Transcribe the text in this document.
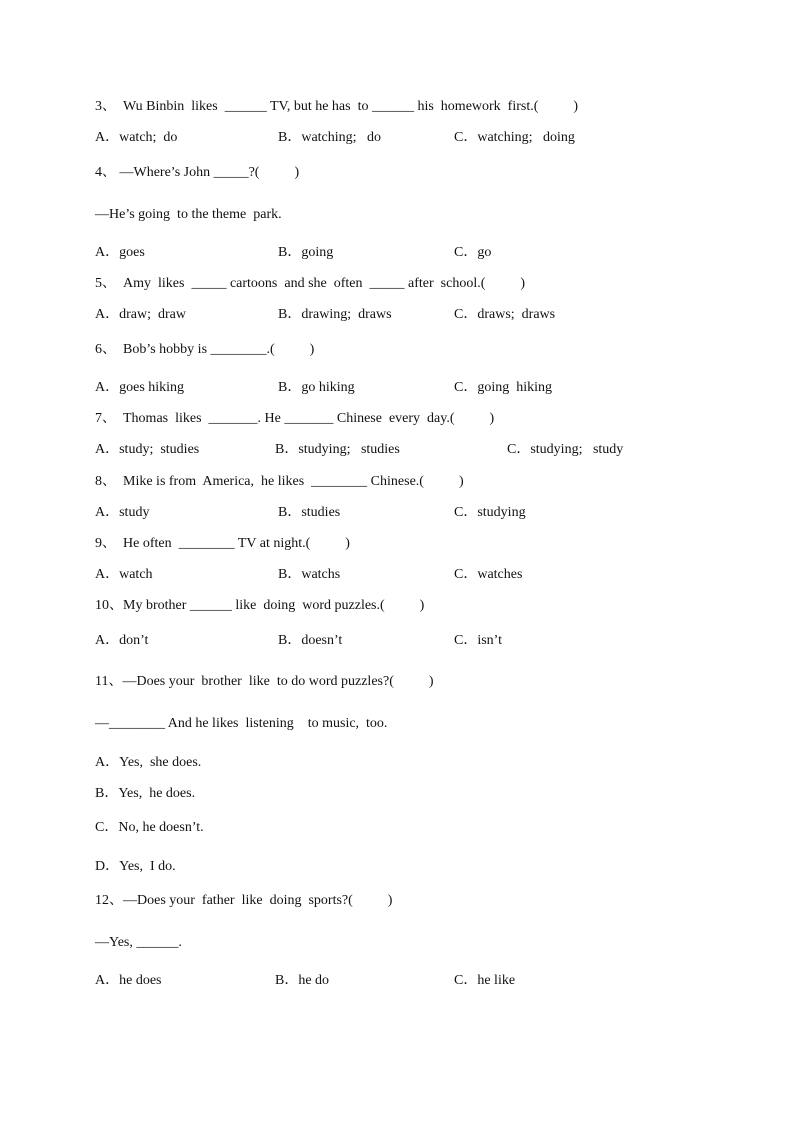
3、  Wu Binbin  likes  ______ TV, but he has  to ______ his  homework  first.(          )
A．watch;  do	B．watching;   do	C．watching;   doing
4、 —Where’s John _____?(          )
—He’s going  to the theme  park.
A．goes	B．going	C．go
5、  Amy  likes  _____ cartoons  and she  often  _____ after  school.(          )
A．draw;  draw	B．drawing;  draws	C．draws;  draws
6、  Bob’s hobby is ________.(          )
A．goes hiking	B．go hiking	C．going  hiking
7、  Thomas  likes  _______. He _______ Chinese  every  day.(          )
A．study;  studies	B．studying;   studies	C．studying;   study
8、  Mike is from  America,  he likes  ________ Chinese.(          )
A．study	B．studies	C．studying
9、  He often  ________ TV at night.(          )
A．watch	B．watchs	C．watches
10、My brother ______ like  doing  word puzzles.(          )
A．don’t	B．doesn’t	C．isn’t
11、—Does your  brother  like  to do word puzzles?(          )
—________ And he likes  listening    to music,  too.
A．Yes,  she does.
B．Yes,  he does.
C．No, he doesn’t.
D．Yes,  I do.
12、—Does your  father  like  doing  sports?(          )
—Yes, ______.
A．he does	B．he do	C．he like
